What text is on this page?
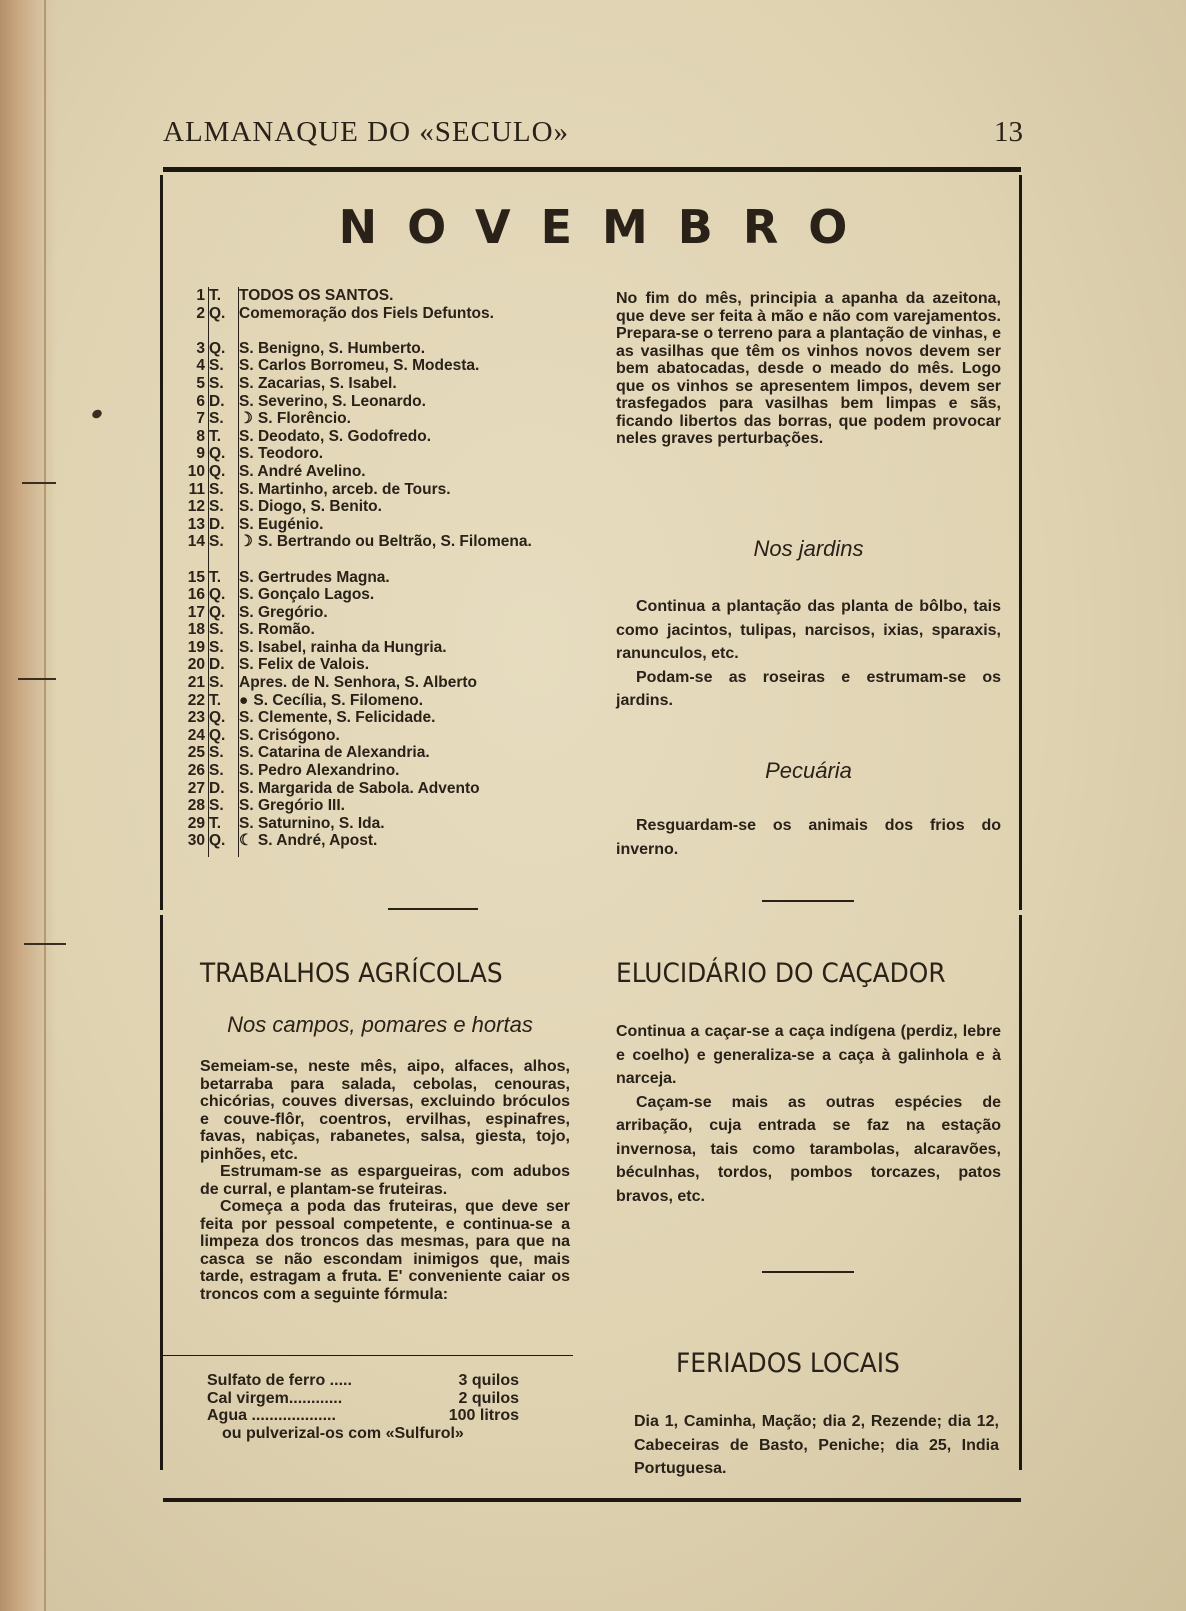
ALMANAQUE DO «SECULO»	13
NOVEMBRO
1 T.	TODOS OS SANTOS.
2 Q. Comemoração dos Fiels Defuntos.
3 Q. S. Benigno, S. Humberto.
4 S. S. Carlos Borromeu, S. Modesta.
5 S. S. Zacarias, S. Isabel.
6 D. S. Severino, S. Leonardo.
7 S. ☽ S. Florêncio.
8 T.	S. Deodato, S. Godofredo.
9 Q. S. Teodoro.
10 Q. S. André Avelino.
11 S. S. Martinho, arceb. de Tours.
12 S. S. Diogo, S. Benito.
13 D. S. Eugénio.
14 S. ☽ S. Bertrando ou Beltrão, S. Filomena.
15 T.	S. Gertrudes Magna.
16 Q. S. Gonçalo Lagos.
17 Q. S. Gregório.
18 S. S. Romão.
19 S. S. Isabel, rainha da Hungria.
20 D. S. Felix de Valois.
21 S. Apres. de N. Senhora, S. Alberto
22 T.	● S. Cecília, S. Filomeno.
23 Q. S. Clemente, S. Felicidade.
24 Q. S. Crisógono.
25 S. S. Catarina de Alexandria.
26 S. S. Pedro Alexandrino.
27 D. S. Margarida de Sabola. Advento
28 S. S. Gregório III.
29 T.	S. Saturnino, S. Ida.
30 Q. ☾ S. André, Apost.

No fim do mês, principia a apanha da azeitona, que deve ser feita à mão e não com varejamentos. Prepara-se o terreno para a plantação de vinhas, e as vasilhas que têm os vinhos novos devem ser bem abatocadas, desde o meado do mês. Logo que os vinhos se apresentem limpos, devem ser trasfegados para vasilhas bem limpas e sãs, ficando libertos das borras, que podem provocar neles graves perturbações.

Nos jardins

Continua a plantação das planta de bôlbo, tais como jacintos, tulipas, narcisos, ixias, sparaxis, ranunculos, etc.

Podam-se as roseiras e estrumam-se os jardins.

Pecuária

Resguardam-se os animais dos frios do inverno.

TRABALHOS AGRÍCOLAS
Nos campos, pomares e hortas

Semeiam-se, neste mês, aipo, alfaces, alhos, betarraba para salada, cebolas, cenouras, chicórias, couves diversas, excluindo bróculos e couve-flôr, coentros, ervilhas, espinafres, favas, nabiças, rabanetes, salsa, giesta, tojo, pinhões, etc.

Estrumam-se as espargueiras, com adubos de curral, e plantam-se fruteiras.

Começa a poda das fruteiras, que deve ser feita por pessoal competente, e continua-se a limpeza dos troncos das mesmas, para que na casca se não escondam inimigos que, mais tarde, estragam a fruta. E' conveniente caiar os troncos com a seguinte fórmula:

Sulfato de ferro .....	3 quilos
Cal virgem............	2 quilos
Agua ...................	100 litros
ou pulverizal-os com «Sulfurol»
ELUCIDÁRIO DO CAÇADOR

Continua a caçar-se a caça indígena (perdiz, lebre e coelho) e generaliza-se a caça à galinhola e à narceja.

Caçam-se mais as outras espécies de arribação, cuja entrada se faz na estação invernosa, tais como tarambolas, alcaravões, béculnhas, tordos, pombos torcazes, patos bravos, etc.

FERIADOS LOCAIS

Dia 1, Caminha, Mação; dia 2, Rezende; dia 12, Cabeceiras de Basto, Peniche; dia 25, India Portuguesa.
